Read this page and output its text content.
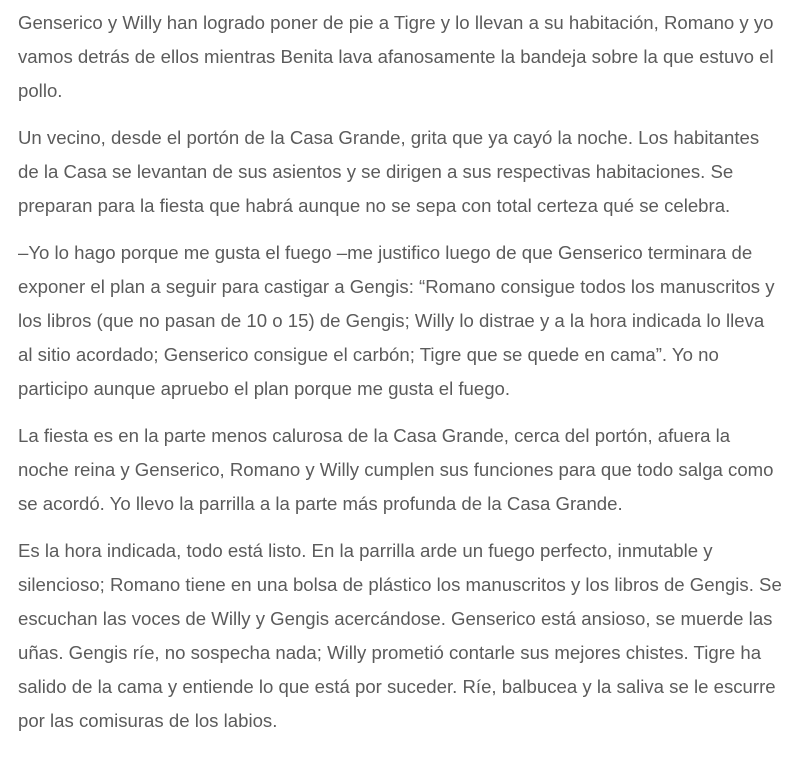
Genserico y Willy han logrado poner de pie a Tigre y lo llevan a su habitación, Romano y yo vamos detrás de ellos mientras Benita lava afanosamente la bandeja sobre la que estuvo el pollo.

Un vecino, desde el portón de la Casa Grande, grita que ya cayó la noche. Los habitantes de la Casa se levantan de sus asientos y se dirigen a sus respectivas habitaciones. Se preparan para la fiesta que habrá aunque no se sepa con total certeza qué se celebra.

–Yo lo hago porque me gusta el fuego –me justifico luego de que Genserico terminara de exponer el plan a seguir para castigar a Gengis: “Romano consigue todos los manuscritos y los libros (que no pasan de 10 o 15) de Gengis; Willy lo distrae y a la hora indicada lo lleva al sitio acordado; Genserico consigue el carbón; Tigre que se quede en cama”. Yo no participo aunque apruebo el plan porque me gusta el fuego.

La fiesta es en la parte menos calurosa de la Casa Grande, cerca del portón, afuera la noche reina y Genserico, Romano y Willy cumplen sus funciones para que todo salga como se acordó. Yo llevo la parrilla a la parte más profunda de la Casa Grande.

Es la hora indicada, todo está listo. En la parrilla arde un fuego perfecto, inmutable y silencioso; Romano tiene en una bolsa de plástico los manuscritos y los libros de Gengis. Se escuchan las voces de Willy y Gengis acercándose. Genserico está ansioso, se muerde las uñas. Gengis ríe, no sospecha nada; Willy prometió contarle sus mejores chistes. Tigre ha salido de la cama y entiende lo que está por suceder. Ríe, balbucea y la saliva se le escurre por las comisuras de los labios.
